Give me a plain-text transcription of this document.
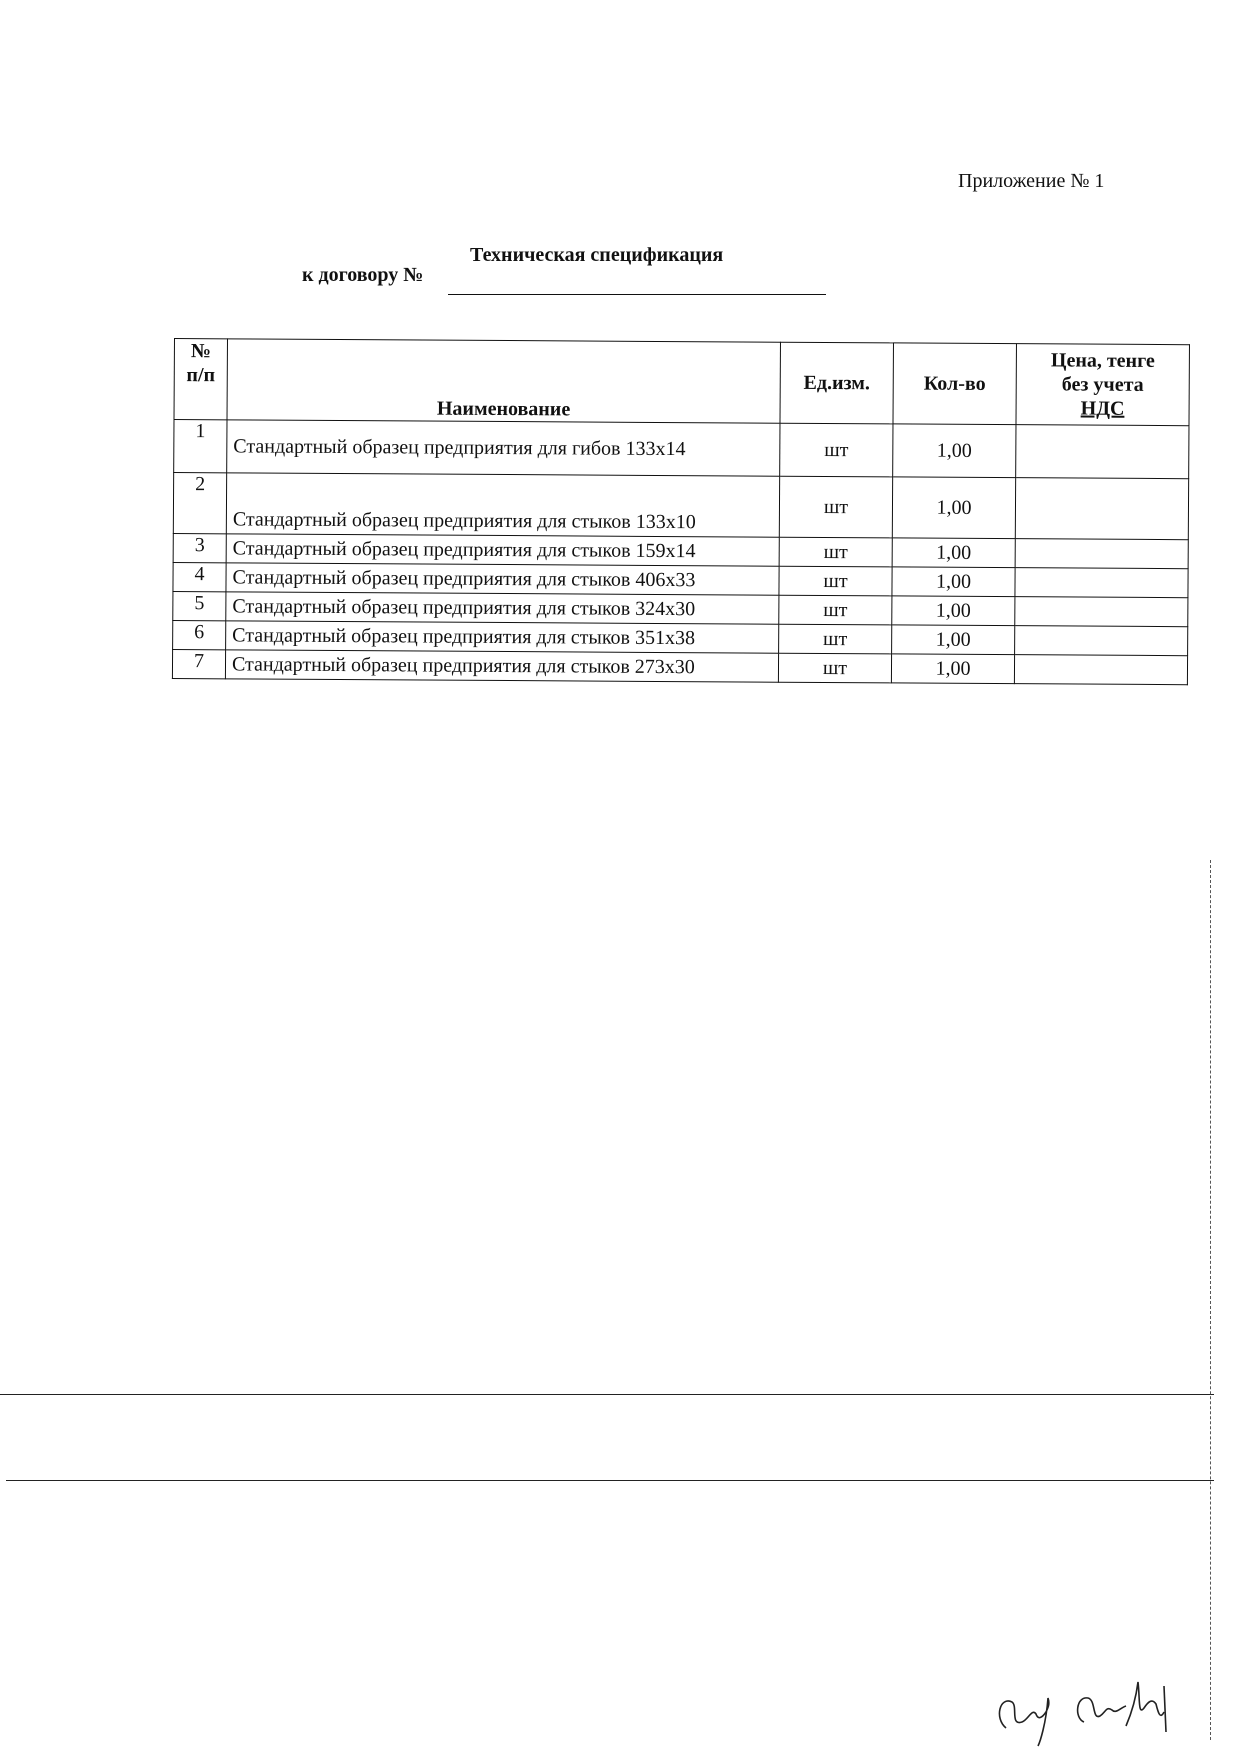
Приложение № 1
Техническая спецификация
к договору №
№
п/п	Наименование	Ед.изм.	Кол-во	Цена, тенге
без учета
НДС
1	Стандартный образец предприятия для гибов 133х14	шт	1,00	
2	Стандартный образец предприятия для стыков 133х10	шт	1,00	
3	Стандартный образец предприятия для стыков 159х14	шт	1,00	
4	Стандартный образец предприятия для стыков 406х33	шт	1,00	
5	Стандартный образец предприятия для стыков 324х30	шт	1,00	
6	Стандартный образец предприятия для стыков 351х38	шт	1,00	
7	Стандартный образец предприятия для стыков 273х30	шт	1,00	
